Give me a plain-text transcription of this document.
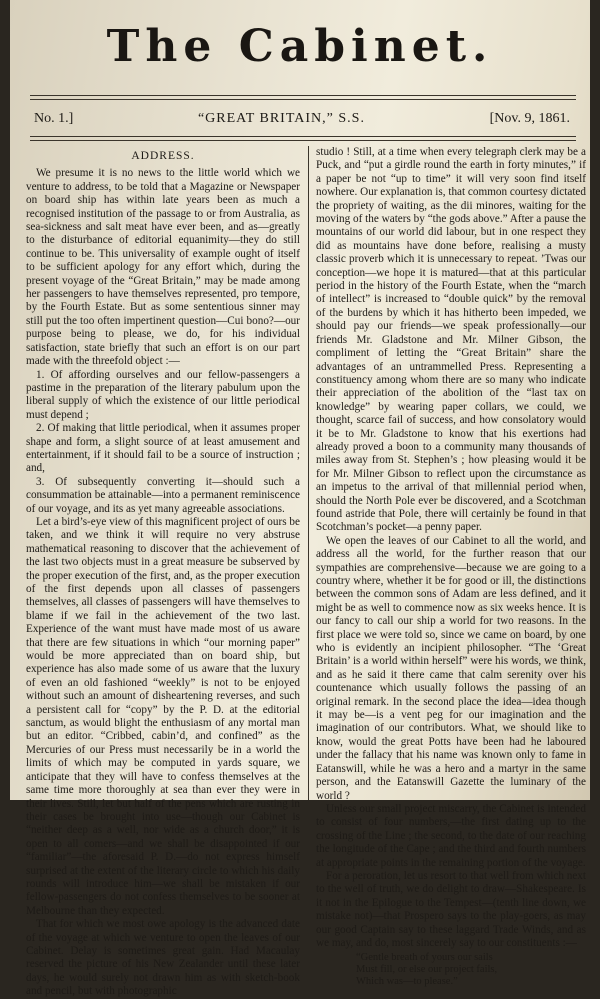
The Cabinet.
No. 1.]	“GREAT BRITAIN,” S.S.	[Nov. 9, 1861.
ADDRESS.

We presume it is no news to the little world which we venture to address, to be told that a Magazine or Newspaper on board ship has within late years been as much a recognised institution of the passage to or from Australia, as sea-sickness and salt meat have ever been, and as—greatly to the disturbance of editorial equanimity—they do still continue to be. This universality of example ought of itself to be sufficient apology for any effort which, during the present voyage of the “Great Britain,” may be made among her passengers to have themselves represented, pro tempore, by the Fourth Estate. But as some sententious sinner may still put the too often impertinent question—Cui bono?—our purpose being to please, we do, for his individual satisfaction, state briefly that such an effort is on our part made with the threefold object :—

1. Of affording ourselves and our fellow-passengers a pastime in the preparation of the literary pabulum upon the liberal supply of which the existence of our little periodical must depend ;

2. Of making that little periodical, when it assumes proper shape and form, a slight source of at least amusement and entertainment, if it should fail to be a source of instruction ; and,

3. Of subsequently converting it—should such a consummation be attainable—into a permanent reminiscence of our voyage, and its as yet many agreeable associations.

Let a bird’s-eye view of this magnificent project of ours be taken, and we think it will require no very abstruse mathematical reasoning to discover that the achievement of the last two objects must in a great measure be subserved by the proper execution of the first, and, as the proper execution of the first depends upon all classes of passengers themselves, all classes of passengers will have themselves to blame if we fail in the achievement of the two last. Experience of the want must have made most of us aware that there are few situations in which “our morning paper” would be more appreciated than on board ship, but experience has also made some of us aware that the luxury of even an old fashioned “weekly” is not to be enjoyed without such an amount of disheartening reverses, and such a persistent call for “copy” by the P. D. at the editorial sanctum, as would blight the enthusiasm of any mortal man but an editor. “Cribbed, cabin’d, and confined” as the Mercuries of our Press must necessarily be in a world the limits of which may be computed in yards square, we anticipate that they will have to confess themselves at the same time more thoroughly at sea than ever they were in their lives. Still, let but half of the pens which are rusting in their cases be brought into use—though our Cabinet is “neither deep as a well, nor wide as a church door,” it is open to all comers—and we shall be disappointed if our “familiar”—the aforesaid P. D.—do not express himself surprised at the extent of the literary circle to which his daily rounds will introduce him—we shall be mistaken if our fellow-passengers do not confess themselves to be sooner at Melbourne than they expected.

That for which we most owe apology is the advanced date of the voyage at which we venture to open the leaves of our Cabinet. Delay is sometimes great gain. Had Macaulay reserved the picture of his New Zealander until these later days, he would surely not drawn him as with sketch-book and pencil, but with photographic

studio ! Still, at a time when every telegraph clerk may be a Puck, and “put a girdle round the earth in forty minutes,” if a paper be not “up to time” it will very soon find itself nowhere. Our explanation is, that common courtesy dictated the propriety of waiting, as the dii minores, waiting for the moving of the waters by “the gods above.” After a pause the mountains of our world did labour, but in one respect they did as mountains have done before, realising a musty classic proverb which it is unnecessary to repeat. ’Twas our conception—we hope it is matured—that at this particular period in the history of the Fourth Estate, when the “march of intellect” is increased to “double quick” by the removal of the burdens by which it has hitherto been impeded, we should pay our friends—we speak professionally—our friends Mr. Gladstone and Mr. Milner Gibson, the compliment of letting the “Great Britain” share the advantages of an untrammelled Press. Representing a constituency among whom there are so many who indicate their appreciation of the abolition of the “last tax on knowledge” by wearing paper collars, we could, we thought, scarce fail of success, and how consolatory would it be to Mr. Gladstone to know that his exertions had already proved a boon to a community many thousands of miles away from St. Stephen’s ; how pleasing would it be for Mr. Milner Gibson to reflect upon the circumstance as an impetus to the arrival of that millennial period when, should the North Pole ever be discovered, and a Scotchman found astride that Pole, there will certainly be found in that Scotchman’s pocket—a penny paper.

We open the leaves of our Cabinet to all the world, and address all the world, for the further reason that our sympathies are comprehensive—because we are going to a country where, whether it be for good or ill, the distinctions between the common sons of Adam are less defined, and it might be as well to commence now as six weeks hence. It is our fancy to call our ship a world for two reasons. In the first place we were told so, since we came on board, by one who is evidently an incipient philosopher. “The ‘Great Britain’ is a world within herself” were his words, we think, and as he said it there came that calm serenity over his countenance which usually follows the passing of an original remark. In the second place the idea—idea though it may be—is a vent peg for our imagination and the imagination of our contributors. What, we should like to know, would the great Potts have been had he laboured under the fallacy that his name was known only to fame in Eatanswill, while he was a hero and a martyr in the same person, and the Eatanswill Gazette the luminary of the world ?

Unless our small project miscarry, the Cabinet is intended to consist of four numbers,—the first dating up to the crossing of the Line ; the second, to the date of our reaching the longitude of the Cape ; and the third and fourth numbers at appropriate points in the remaining portion of the voyage.

For a peroration, let us resort to that well from which next to the well of truth, we do delight to draw—Shakespeare. Is it not in the Epilogue to the Tempest—(tenth line down, we mistake not)—that Prospero says to the play-goers, as may our good Captain say to these laggard Trade Winds, and as we may, and do, most sincerely say to our constituents :—

“Gentle breath of yours our sails
Must fill, or else our project fails,
Which was—to please.”
